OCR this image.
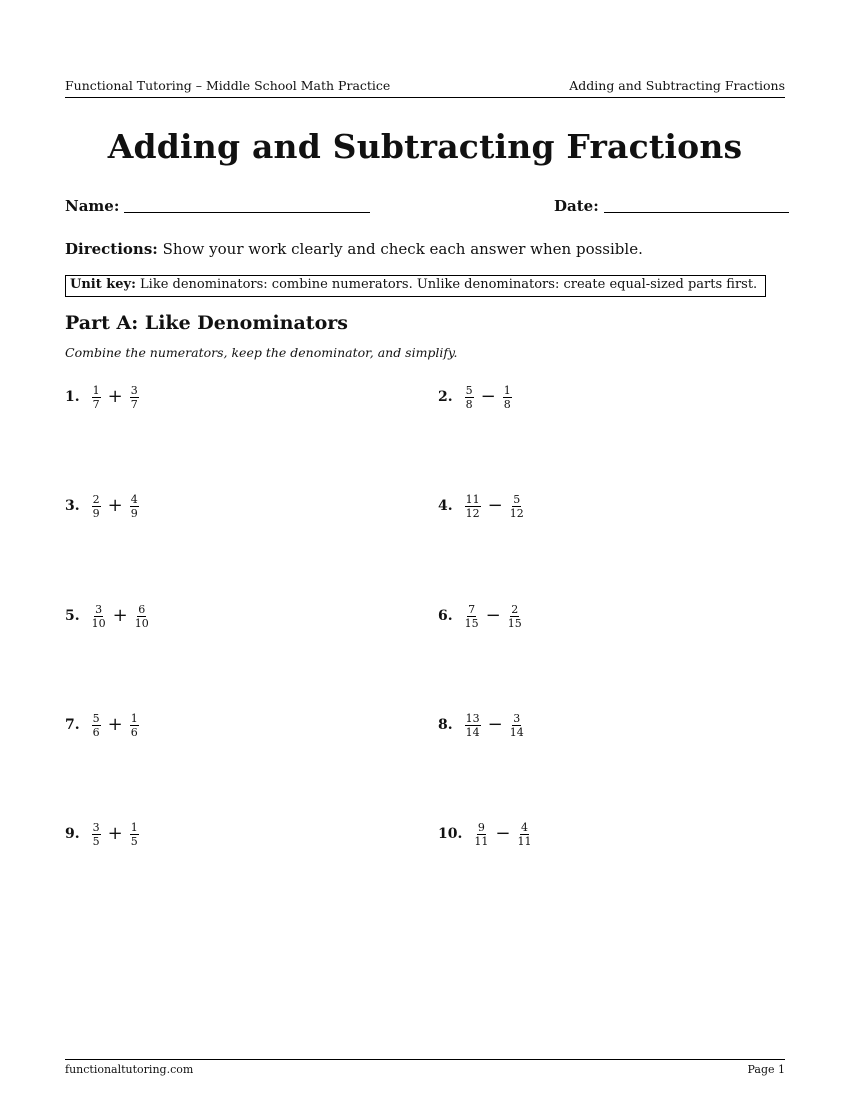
Functional Tutoring – Middle School Math Practice	Adding and Subtracting Fractions
Adding and Subtracting Fractions
Name:	Date:
Directions: Show your work clearly and check each answer when possible.
Unit key: Like denominators: combine numerators. Unlike denominators: create equal-sized parts first.
Part A: Like Denominators
Combine the numerators, keep the denominator, and simplify.
1. $\frac{1}{7} + \frac{3}{7}$	2. $\frac{5}{8} - \frac{1}{8}$
3. $\frac{2}{9} + \frac{4}{9}$	4. $\frac{11}{12} - \frac{5}{12}$
5. $\frac{3}{10} + \frac{6}{10}$	6. $\frac{7}{15} - \frac{2}{15}$
7. $\frac{5}{6} + \frac{1}{6}$	8. $\frac{13}{14} - \frac{3}{14}$
9. $\frac{3}{5} + \frac{1}{5}$	10. $\frac{9}{11} - \frac{4}{11}$
functionaltutoring.com	Page 1
